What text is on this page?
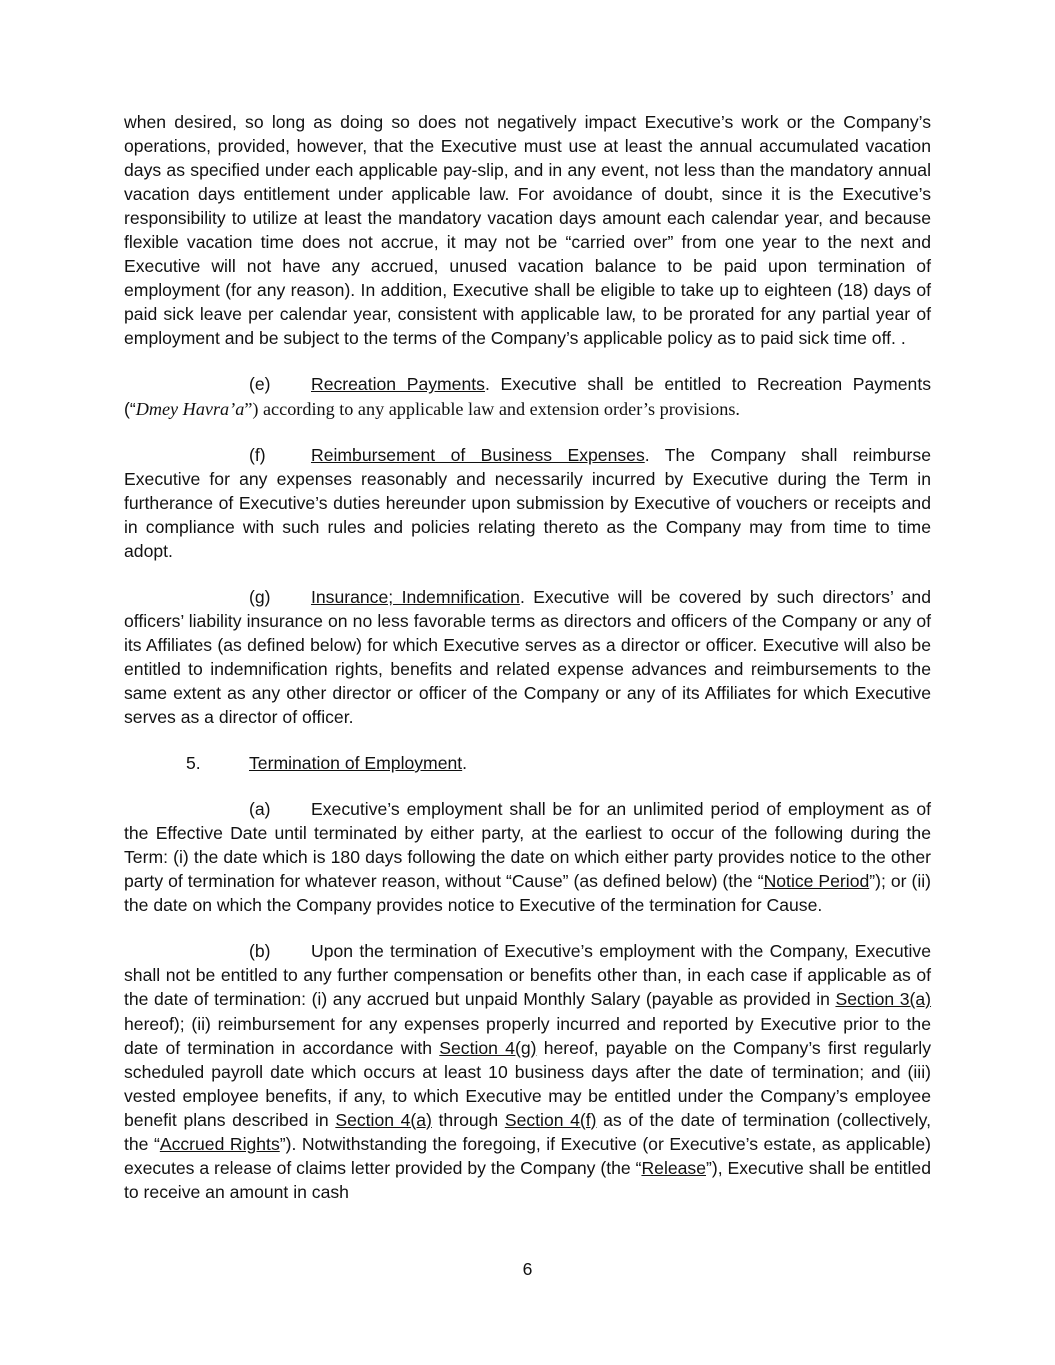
when desired, so long as doing so does not negatively impact Executive’s work or the Company’s operations, provided, however, that the Executive must use at least the annual accumulated vacation days as specified under each applicable pay-slip, and in any event, not less than the mandatory annual vacation days entitlement under applicable law. For avoidance of doubt, since it is the Executive’s responsibility to utilize at least the mandatory vacation days amount each calendar year, and because flexible vacation time does not accrue, it may not be “carried over” from one year to the next and Executive will not have any accrued, unused vacation balance to be paid upon termination of employment (for any reason). In addition, Executive shall be eligible to take up to eighteen (18) days of paid sick leave per calendar year, consistent with applicable law, to be prorated for any partial year of employment and be subject to the terms of the Company’s applicable policy as to paid sick time off. .

(e) Recreation Payments. Executive shall be entitled to Recreation Payments (“Dmey Havra’a”) according to any applicable law and extension order’s provisions.

(f)	Reimbursement of Business Expenses. The Company shall reimburse Executive for any expenses reasonably and necessarily incurred by Executive during the Term in furtherance of Executive’s duties hereunder upon submission by Executive of vouchers or receipts and in compliance with such rules and policies relating thereto as the Company may from time to time adopt.

(g) Insurance; Indemnification. Executive will be covered by such directors’ and officers’ liability insurance on no less favorable terms as directors and officers of the Company or any of its Affiliates (as defined below) for which Executive serves as a director or officer. Executive will also be entitled to indemnification rights, benefits and related expense advances and reimbursements to the same extent as any other director or officer of the Company or any of its Affiliates for which Executive serves as a director of officer.

5.	Termination of Employment.

(a) Executive’s employment shall be for an unlimited period of employment as of the Effective Date until terminated by either party, at the earliest to occur of the following during the Term: (i) the date which is 180 days following the date on which either party provides notice to the other party of termination for whatever reason, without “Cause” (as defined below) (the “Notice Period”); or (ii) the date on which the Company provides notice to Executive of the termination for Cause.

(b) Upon the termination of Executive’s employment with the Company, Executive shall not be entitled to any further compensation or benefits other than, in each case if applicable as of the date of termination: (i) any accrued but unpaid Monthly Salary (payable as provided in Section 3(a) hereof); (ii) reimbursement for any expenses properly incurred and reported by Executive prior to the date of termination in accordance with Section 4(g) hereof, payable on the Company’s first regularly scheduled payroll date which occurs at least 10 business days after the date of termination; and (iii) vested employee benefits, if any, to which Executive may be entitled under the Company’s employee benefit plans described in Section 4(a) through Section 4(f) as of the date of termination (collectively, the “Accrued Rights”). Notwithstanding the foregoing, if Executive (or Executive’s estate, as applicable) executes a release of claims letter provided by the Company (the “Release”), Executive shall be entitled to receive an amount in cash

6
